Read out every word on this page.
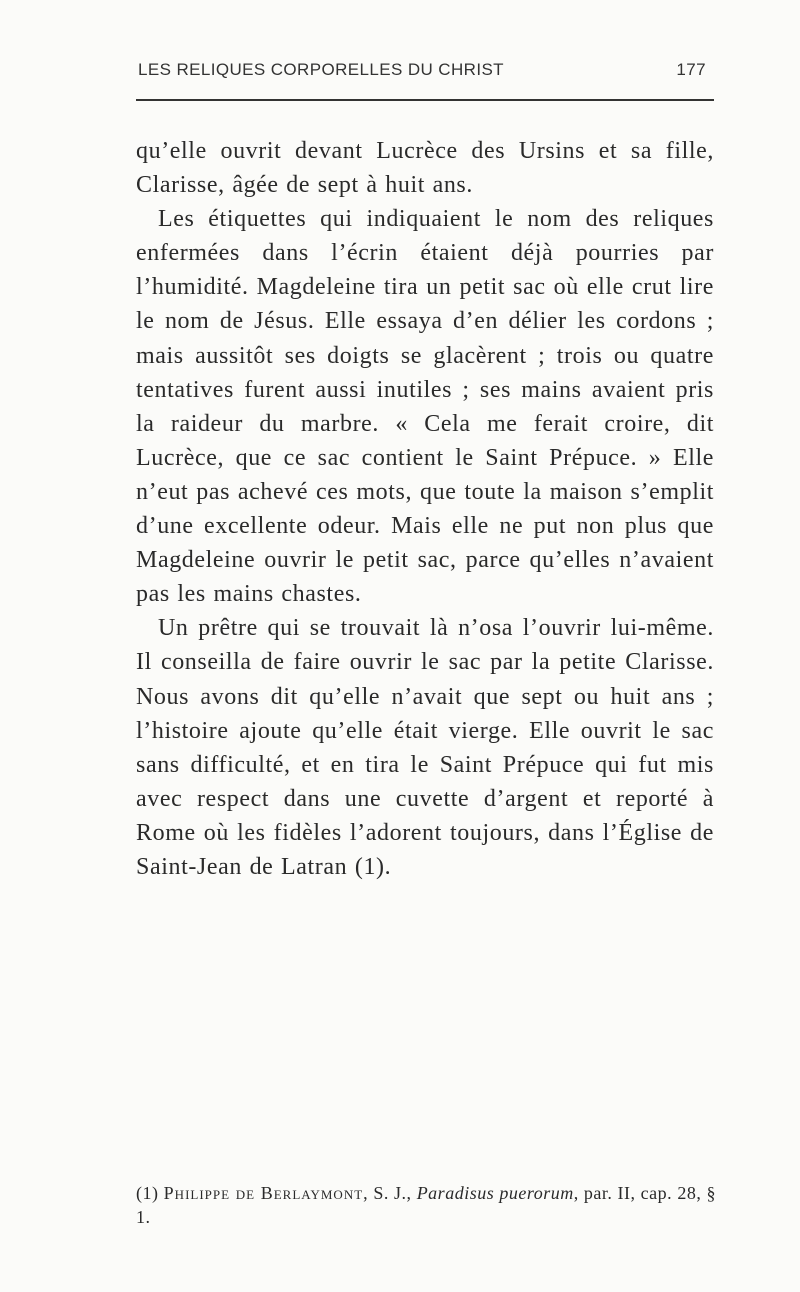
LES RELIQUES CORPORELLES DU CHRIST	177

qu’elle ouvrit devant Lucrèce des Ursins et sa fille, Clarisse, âgée de sept à huit ans.

Les étiquettes qui indiquaient le nom des reliques enfermées dans l’écrin étaient déjà pourries par l’humidité. Magdeleine tira un petit sac où elle crut lire le nom de Jésus. Elle essaya d’en délier les cordons ; mais aussitôt ses doigts se glacèrent ; trois ou quatre tentatives furent aussi inutiles ; ses mains avaient pris la raideur du marbre. « Cela me ferait croire, dit Lucrèce, que ce sac contient le Saint Prépuce. » Elle n’eut pas achevé ces mots, que toute la maison s’emplit d’une excellente odeur. Mais elle ne put non plus que Magdeleine ouvrir le petit sac, parce qu’elles n’avaient pas les mains chastes.

Un prêtre qui se trouvait là n’osa l’ouvrir lui-même. Il conseilla de faire ouvrir le sac par la petite Clarisse. Nous avons dit qu’elle n’avait que sept ou huit ans ; l’histoire ajoute qu’elle était vierge. Elle ouvrit le sac sans difficulté, et en tira le Saint Prépuce qui fut mis avec respect dans une cuvette d’argent et reporté à Rome où les fidèles l’adorent toujours, dans l’Église de Saint-Jean de Latran (1).

(1) Philippe de Berlaymont, S. J., Paradisus puerorum, par. II, cap. 28, § 1.
